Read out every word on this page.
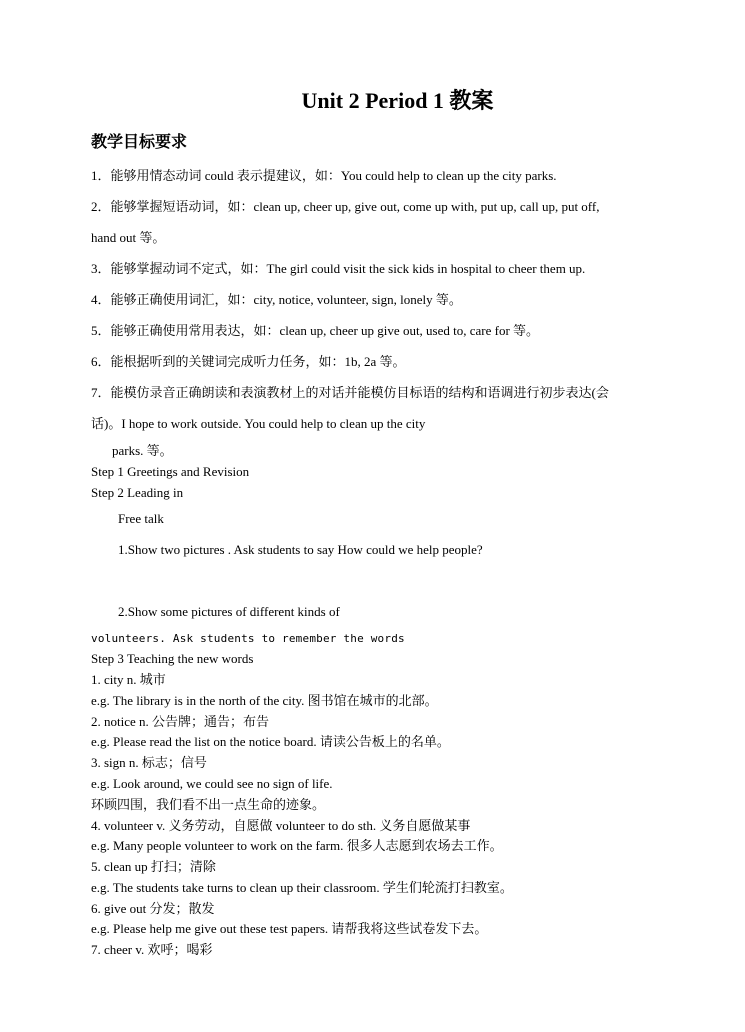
Unit 2 Period 1 教案
教学目标要求
1．能够用情态动词 could 表示提建议，如：You could help to clean up the city parks.
2．能够掌握短语动词，如：clean up, cheer up, give out, come up with, put up, call up, put off,
hand out 等。
3．能够掌握动词不定式，如：The girl could visit the sick kids in hospital to cheer them up.
4．能够正确使用词汇，如：city, notice, volunteer, sign, lonely 等。
5．能够正确使用常用表达，如：clean up, cheer up give out, used to, care for 等。
6．能根据听到的关键词完成听力任务，如：1b, 2a 等。
7．能模仿录音正确朗读和表演教材上的对话并能模仿目标语的结构和语调进行初步表达(会
话)。I hope to work outside. You could help to clean up the city
parks. 等。
Step 1 Greetings and Revision
Step 2 Leading in
Free talk
1.Show two pictures . Ask students to say How could we help people?
2.Show some pictures of different kinds of
volunteers. Ask students to remember the words
Step 3 Teaching the new words
1. city n. 城市
e.g. The library is in the north of the city. 图书馆在城市的北部。
2. notice n. 公告牌；通告；布告
e.g. Please read the list on the notice board. 请读公告板上的名单。
3. sign n. 标志；信号
e.g. Look around, we could see no sign of life.
环顾四围，我们看不出一点生命的迹象。
4. volunteer v. 义务劳动，自愿做 volunteer to do sth. 义务自愿做某事
e.g. Many people volunteer to work on the farm. 很多人志愿到农场去工作。
5. clean up 打扫；清除
e.g. The students take turns to clean up their classroom. 学生们轮流打扫教室。
6. give out 分发；散发
e.g. Please help me give out these test papers. 请帮我将这些试卷发下去。
7. cheer v. 欢呼；喝彩
